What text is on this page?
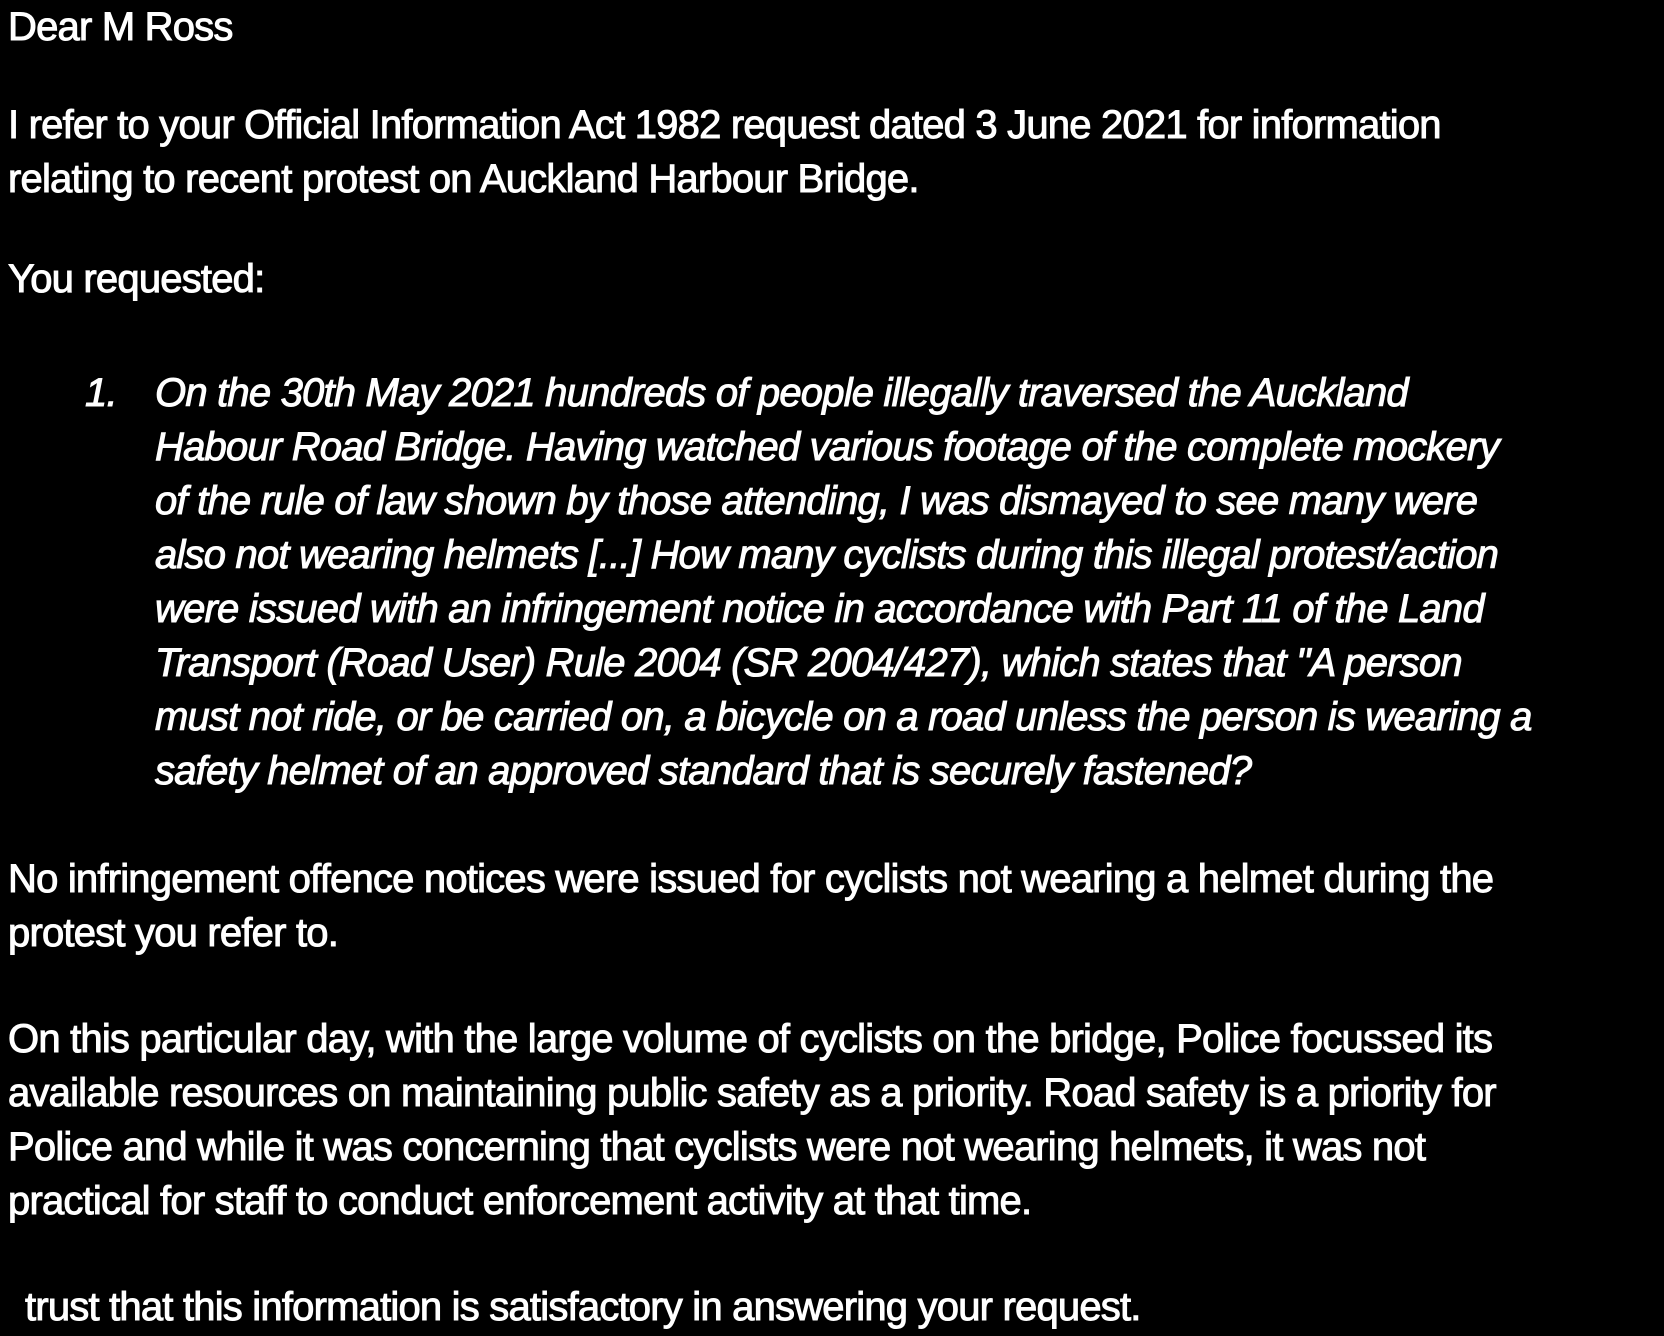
Dear M Ross
I refer to your Official Information Act 1982 request dated 3 June 2021 for information
relating to recent protest on Auckland Harbour Bridge.
You requested:
1. On the 30th May 2021 hundreds of people illegally traversed the Auckland
Habour Road Bridge. Having watched various footage of the complete mockery
of the rule of law shown by those attending, I was dismayed to see many were
also not wearing helmets [...] How many cyclists during this illegal protest/action
were issued with an infringement notice in accordance with Part 11 of the Land
Transport (Road User) Rule 2004 (SR 2004/427), which states that "A person
must not ride, or be carried on, a bicycle on a road unless the person is wearing a
safety helmet of an approved standard that is securely fastened?
No infringement offence notices were issued for cyclists not wearing a helmet during the
protest you refer to.
On this particular day, with the large volume of cyclists on the bridge, Police focussed its
available resources on maintaining public safety as a priority. Road safety is a priority for
Police and while it was concerning that cyclists were not wearing helmets, it was not
practical for staff to conduct enforcement activity at that time.
trust that this information is satisfactory in answering your request.
